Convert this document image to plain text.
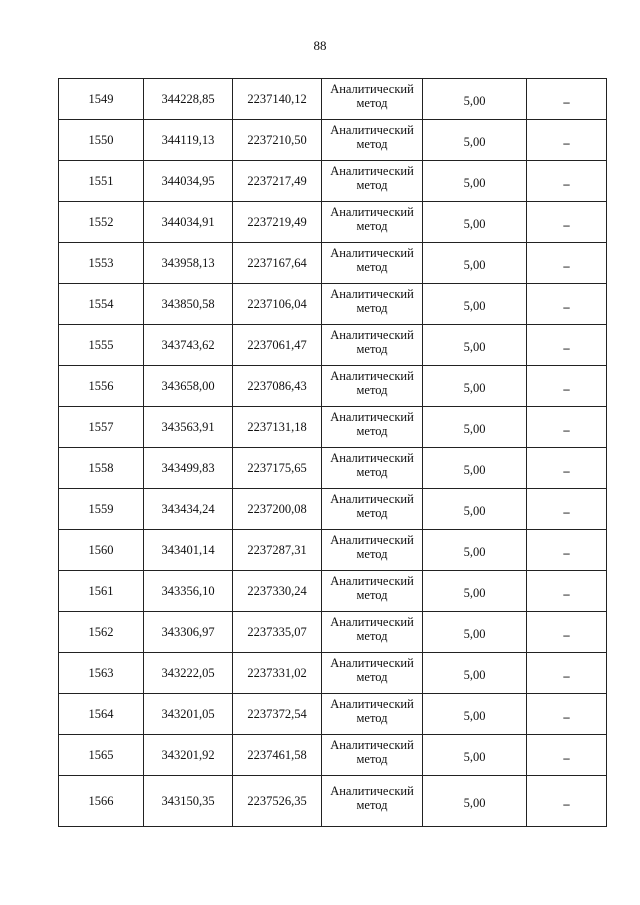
88
1549	344228,85	2237140,12	Аналитический метод	5,00	–
1550	344119,13	2237210,50	Аналитический метод	5,00	–
1551	344034,95	2237217,49	Аналитический метод	5,00	–
1552	344034,91	2237219,49	Аналитический метод	5,00	–
1553	343958,13	2237167,64	Аналитический метод	5,00	–
1554	343850,58	2237106,04	Аналитический метод	5,00	–
1555	343743,62	2237061,47	Аналитический метод	5,00	–
1556	343658,00	2237086,43	Аналитический метод	5,00	–
1557	343563,91	2237131,18	Аналитический метод	5,00	–
1558	343499,83	2237175,65	Аналитический метод	5,00	–
1559	343434,24	2237200,08	Аналитический метод	5,00	–
1560	343401,14	2237287,31	Аналитический метод	5,00	–
1561	343356,10	2237330,24	Аналитический метод	5,00	–
1562	343306,97	2237335,07	Аналитический метод	5,00	–
1563	343222,05	2237331,02	Аналитический метод	5,00	–
1564	343201,05	2237372,54	Аналитический метод	5,00	–
1565	343201,92	2237461,58	Аналитический метод	5,00	–
1566	343150,35	2237526,35	Аналитический метод	5,00	–
